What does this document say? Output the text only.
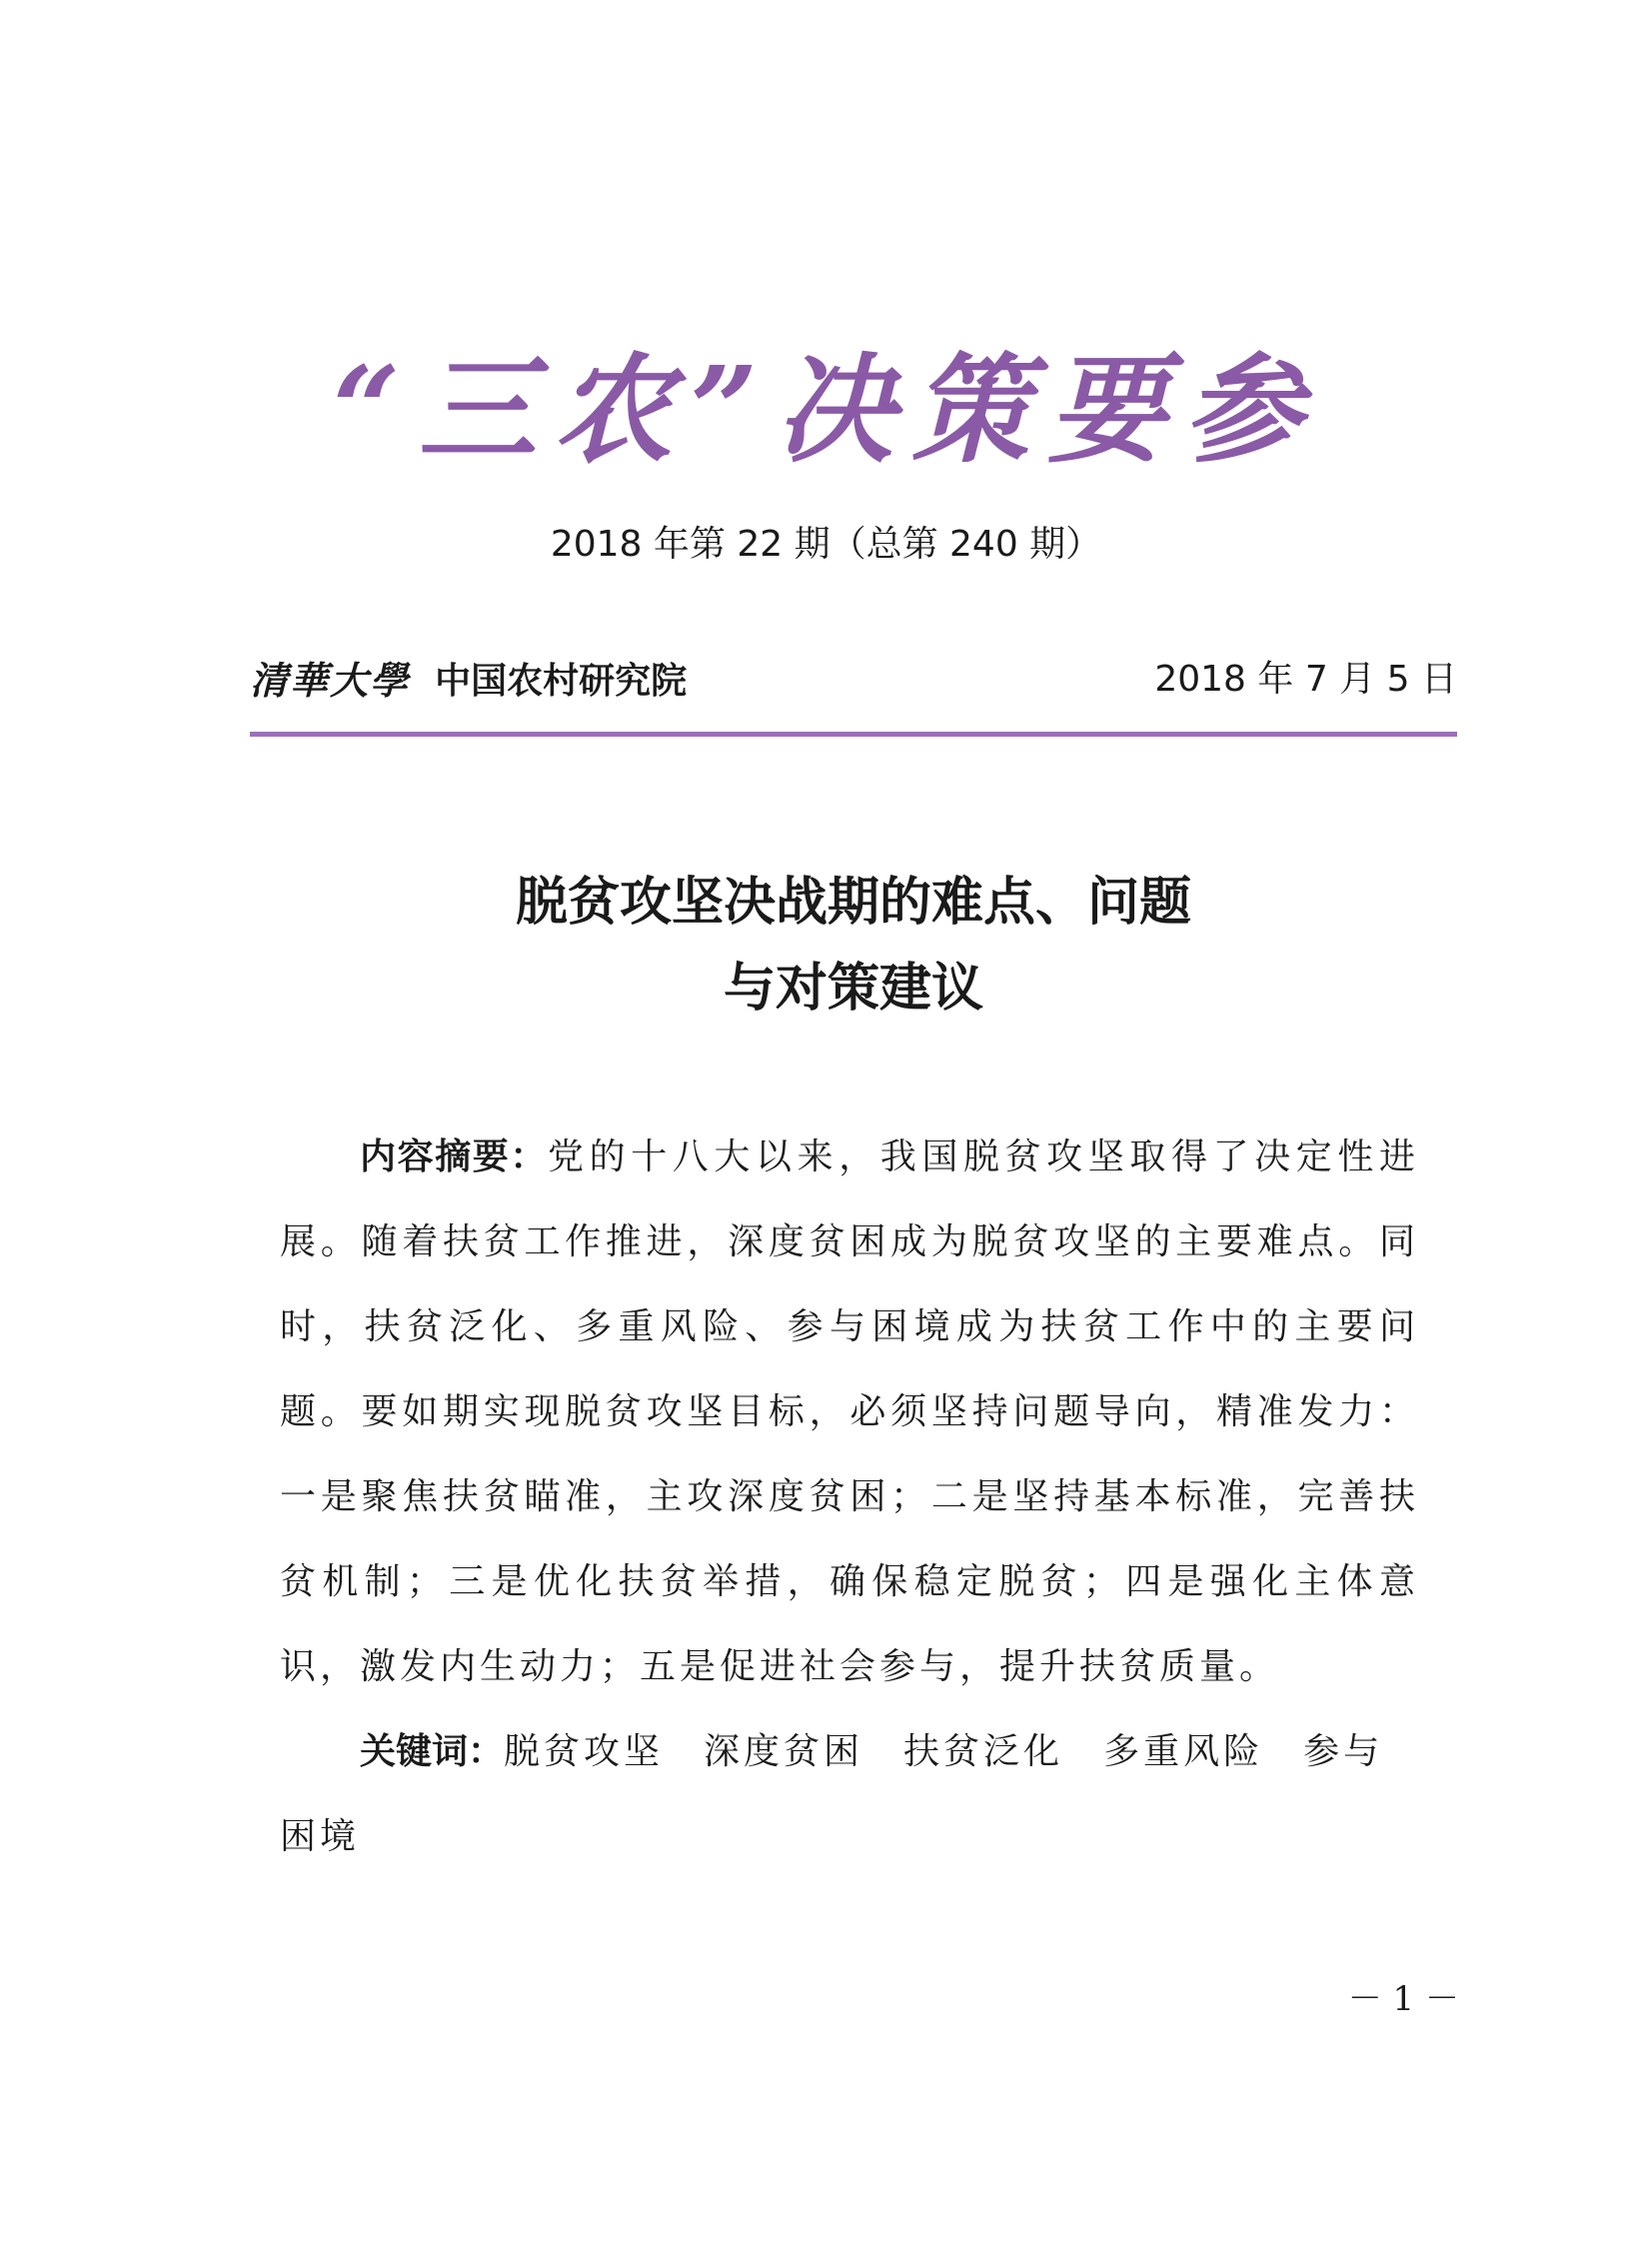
“三农”决策要参
2018 年第 22 期（总第 240 期）
清華大學 中国农村研究院	2018 年 7 月 5 日
脱贫攻坚决战期的难点、问题
与对策建议

内容摘要：党的十八大以来，我国脱贫攻坚取得了决定性进展。随着扶贫工作推进，深度贫困成为脱贫攻坚的主要难点。同时，扶贫泛化、多重风险、参与困境成为扶贫工作中的主要问题。要如期实现脱贫攻坚目标，必须坚持问题导向，精准发力：一是聚焦扶贫瞄准，主攻深度贫困；二是坚持基本标准，完善扶贫机制；三是优化扶贫举措，确保稳定脱贫；四是强化主体意识，激发内生动力；五是促进社会参与，提升扶贫质量。

关键词：脱贫攻坚 深度贫困 扶贫泛化 多重风险 参与困境

－ 1 －
